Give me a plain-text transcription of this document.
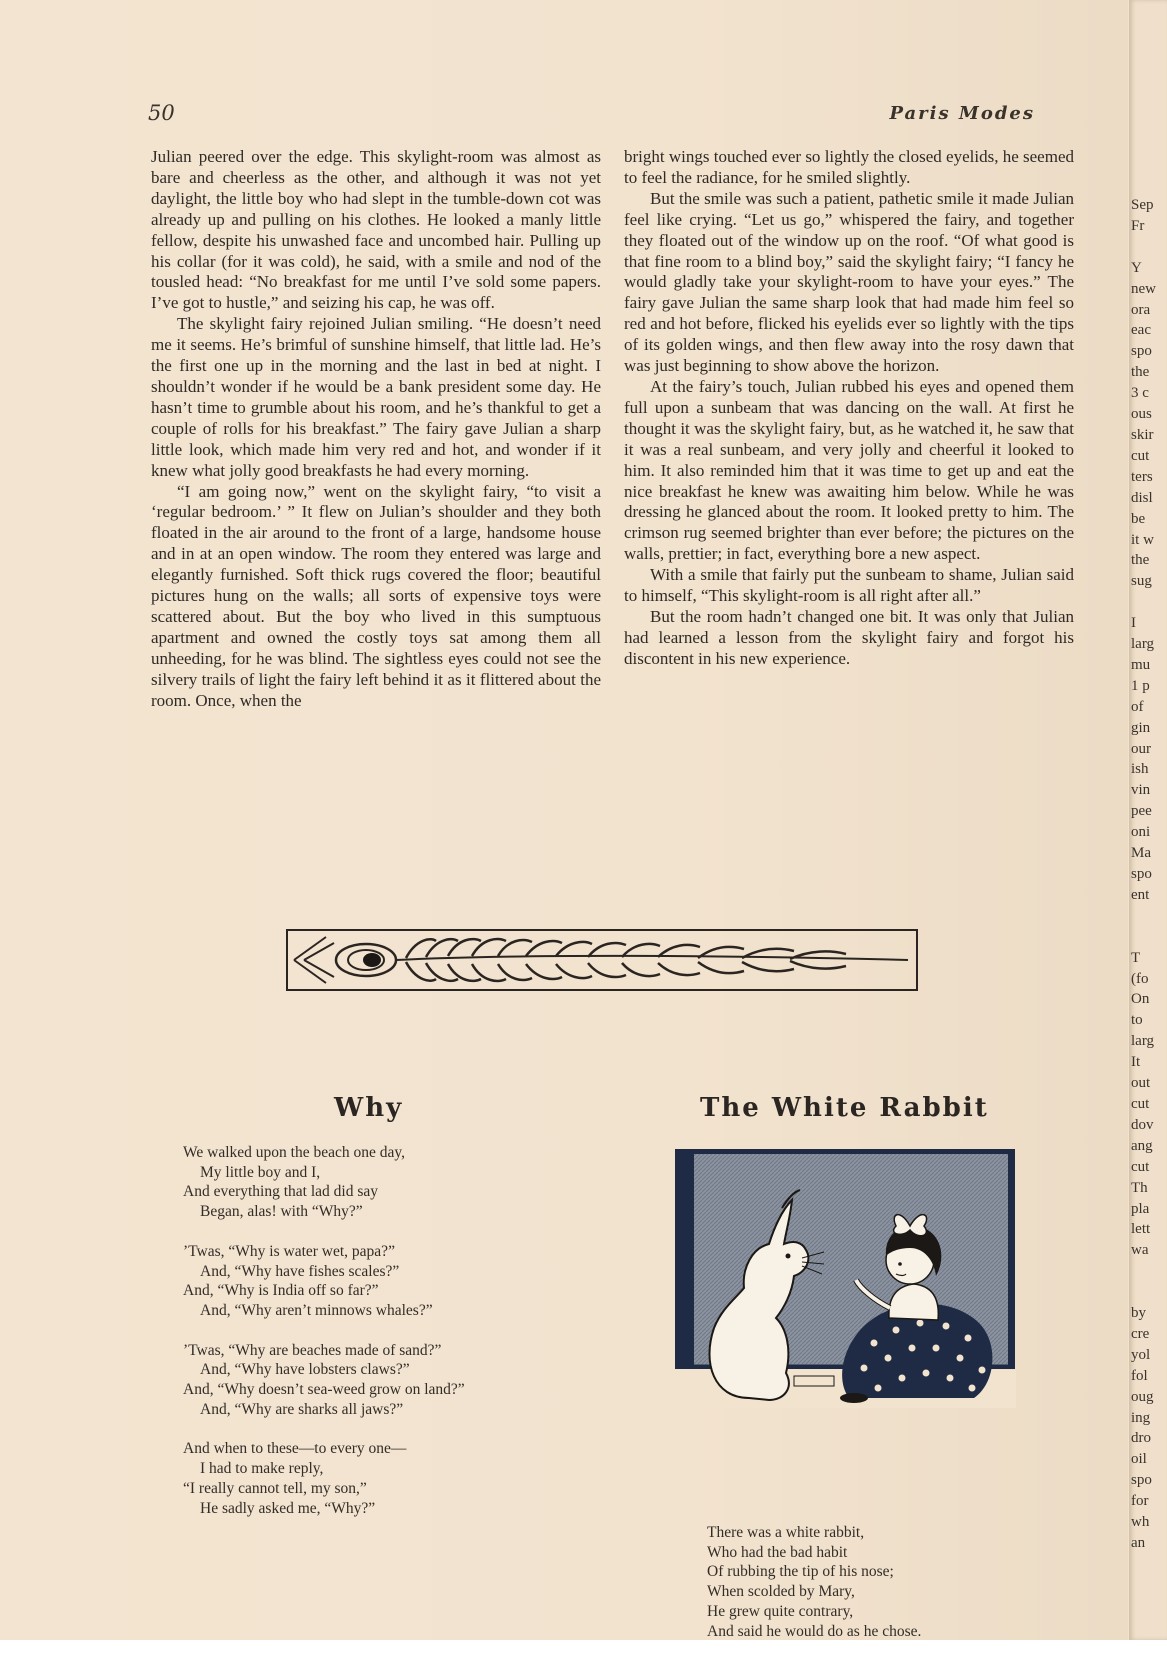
50	Paris Modes

Julian peered over the edge. This skylight-room was almost as bare and cheerless as the other, and although it was not yet daylight, the little boy who had slept in the tumble-down cot was already up and pulling on his clothes. He looked a manly little fellow, despite his unwashed face and uncombed hair. Pulling up his collar (for it was cold), he said, with a smile and nod of the tousled head: “No breakfast for me until I’ve sold some papers. I’ve got to hustle,” and seizing his cap, he was off.

The skylight fairy rejoined Julian smiling. “He doesn’t need me it seems. He’s brimful of sunshine himself, that little lad. He’s the first one up in the morning and the last in bed at night. I shouldn’t wonder if he would be a bank president some day. He hasn’t time to grumble about his room, and he’s thankful to get a couple of rolls for his breakfast.” The fairy gave Julian a sharp little look, which made him very red and hot, and wonder if it knew what jolly good breakfasts he had every morning.

“I am going now,” went on the skylight fairy, “to visit a ‘regular bedroom.’ ” It flew on Julian’s shoulder and they both floated in the air around to the front of a large, handsome house and in at an open window. The room they entered was large and elegantly furnished. Soft thick rugs covered the floor; beautiful pictures hung on the walls; all sorts of expensive toys were scattered about. But the boy who lived in this sumptuous apartment and owned the costly toys sat among them all unheeding, for he was blind. The sightless eyes could not see the silvery trails of light the fairy left behind it as it flittered about the room. Once, when the

bright wings touched ever so lightly the closed eyelids, he seemed to feel the radiance, for he smiled slightly.

But the smile was such a patient, pathetic smile it made Julian feel like crying. “Let us go,” whispered the fairy, and together they floated out of the window up on the roof. “Of what good is that fine room to a blind boy,” said the skylight fairy; “I fancy he would gladly take your skylight-room to have your eyes.” The fairy gave Julian the same sharp look that had made him feel so red and hot before, flicked his eyelids ever so lightly with the tips of its golden wings, and then flew away into the rosy dawn that was just beginning to show above the horizon.

At the fairy’s touch, Julian rubbed his eyes and opened them full upon a sunbeam that was dancing on the wall. At first he thought it was the skylight fairy, but, as he watched it, he saw that it was a real sunbeam, and very jolly and cheerful it looked to him. It also reminded him that it was time to get up and eat the nice breakfast he knew was awaiting him below. While he was dressing he glanced about the room. It looked pretty to him. The crimson rug seemed brighter than ever before; the pictures on the walls, prettier; in fact, everything bore a new aspect.

With a smile that fairly put the sunbeam to shame, Julian said to himself, “This skylight-room is all right after all.”

But the room hadn’t changed one bit. It was only that Julian had learned a lesson from the skylight fairy and forgot his discontent in his new experience.

Why	The White Rabbit
We walked upon the beach one day,
My little boy and I,
And everything that lad did say
Began, alas! with “Why?”
’Twas, “Why is water wet, papa?”
And, “Why have fishes scales?”
And, “Why is India off so far?”
And, “Why aren’t minnows whales?”
’Twas, “Why are beaches made of sand?”
And, “Why have lobsters claws?”
And, “Why doesn’t sea-weed grow on land?”
And, “Why are sharks all jaws?”
And when to these—to every one—
I had to make reply,
“I really cannot tell, my son,”
He sadly asked me, “Why?”
There was a white rabbit,
Who had the bad habit
Of rubbing the tip of his nose;
When scolded by Mary,
He grew quite contrary,
And said he would do as he chose.
Sep
Fr

Y
new
ora
eac
spo
the
3 c
ous
skir
cut
ters
disl
be
it w
the
sug

I
larg
mu
1 p
of
gin
our
ish
vin
pee
oni
Ma
spo
ent

T
(fo
On
to
larg
It
out
cut
dov
ang
cut
Th
pla
lett
wa

by
cre
yol
fol
oug
ing
dro
oil
spo
for
wh
an
